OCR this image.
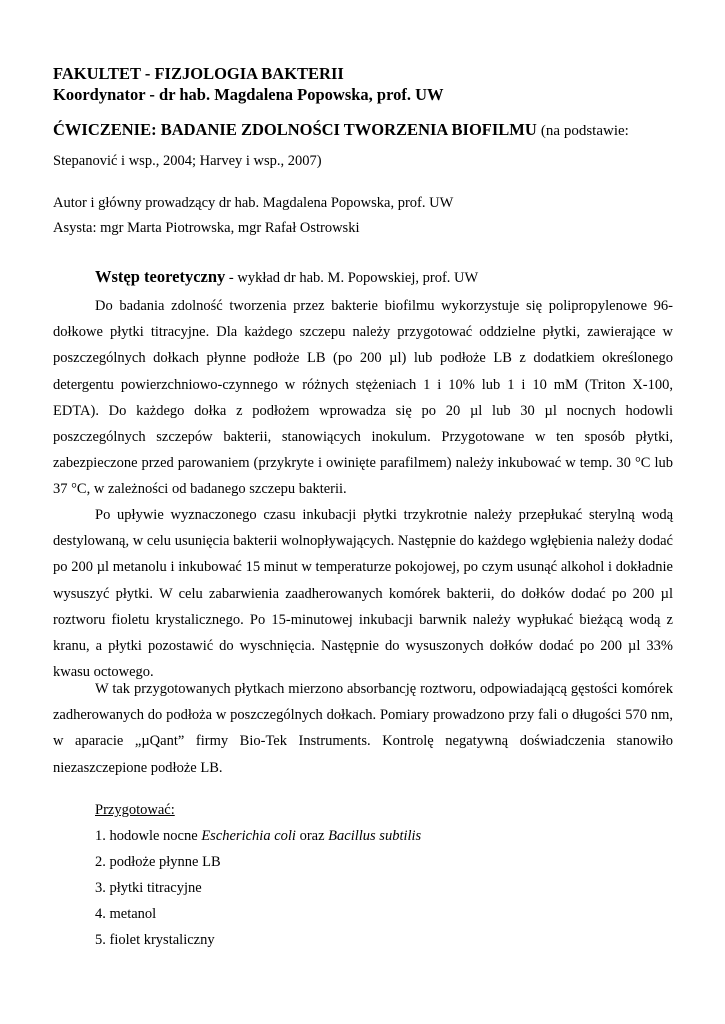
FAKULTET - FIZJOLOGIA BAKTERII
Koordynator - dr hab. Magdalena Popowska, prof. UW
ĆWICZENIE: BADANIE ZDOLNOŚCI TWORZENIA BIOFILMU (na podstawie:
Stepanović i wsp., 2004; Harvey i wsp., 2007)
Autor i główny prowadzący dr hab. Magdalena Popowska, prof. UW
Asysta: mgr Marta Piotrowska, mgr Rafał Ostrowski
Wstęp teoretyczny - wykład dr hab. M. Popowskiej, prof. UW

Do badania zdolność tworzenia przez bakterie biofilmu wykorzystuje się polipropylenowe 96-dołkowe płytki titracyjne. Dla każdego szczepu należy przygotować oddzielne płytki, zawierające w poszczególnych dołkach płynne podłoże LB (po 200 µl) lub podłoże LB z dodatkiem określonego detergentu powierzchniowo-czynnego w różnych stężeniach 1 i 10% lub 1 i 10 mM (Triton X-100, EDTA). Do każdego dołka z podłożem wprowadza się po 20 µl lub 30 µl nocnych hodowli poszczególnych szczepów bakterii, stanowiących inokulum. Przygotowane w ten sposób płytki, zabezpieczone przed parowaniem (przykryte i owinięte parafilmem) należy inkubować w temp. 30 °C lub 37 °C, w zależności od badanego szczepu bakterii.

Po upływie wyznaczonego czasu inkubacji płytki trzykrotnie należy przepłukać sterylną wodą destylowaną, w celu usunięcia bakterii wolnopływających. Następnie do każdego wgłębienia należy dodać po 200 µl metanolu i inkubować 15 minut w temperaturze pokojowej, po czym usunąć alkohol i dokładnie wysuszyć płytki. W celu zabarwienia zaadherowanych komórek bakterii, do dołków dodać po 200 µl roztworu fioletu krystalicznego. Po 15-minutowej inkubacji barwnik należy wypłukać bieżącą wodą z kranu, a płytki pozostawić do wyschnięcia. Następnie do wysuszonych dołków dodać po 200 µl 33% kwasu octowego.

W tak przygotowanych płytkach mierzono absorbancję roztworu, odpowiadającą gęstości komórek zadherowanych do podłoża w poszczególnych dołkach. Pomiary prowadzono przy fali o długości 570 nm, w aparacie „µQant” firmy Bio-Tek Instruments. Kontrolę negatywną doświadczenia stanowiło niezaszczepione podłoże LB.

Przygotować:
1. hodowle nocne Escherichia coli oraz Bacillus subtilis
2. podłoże płynne LB
3. płytki titracyjne
4. metanol
5. fiolet krystaliczny
